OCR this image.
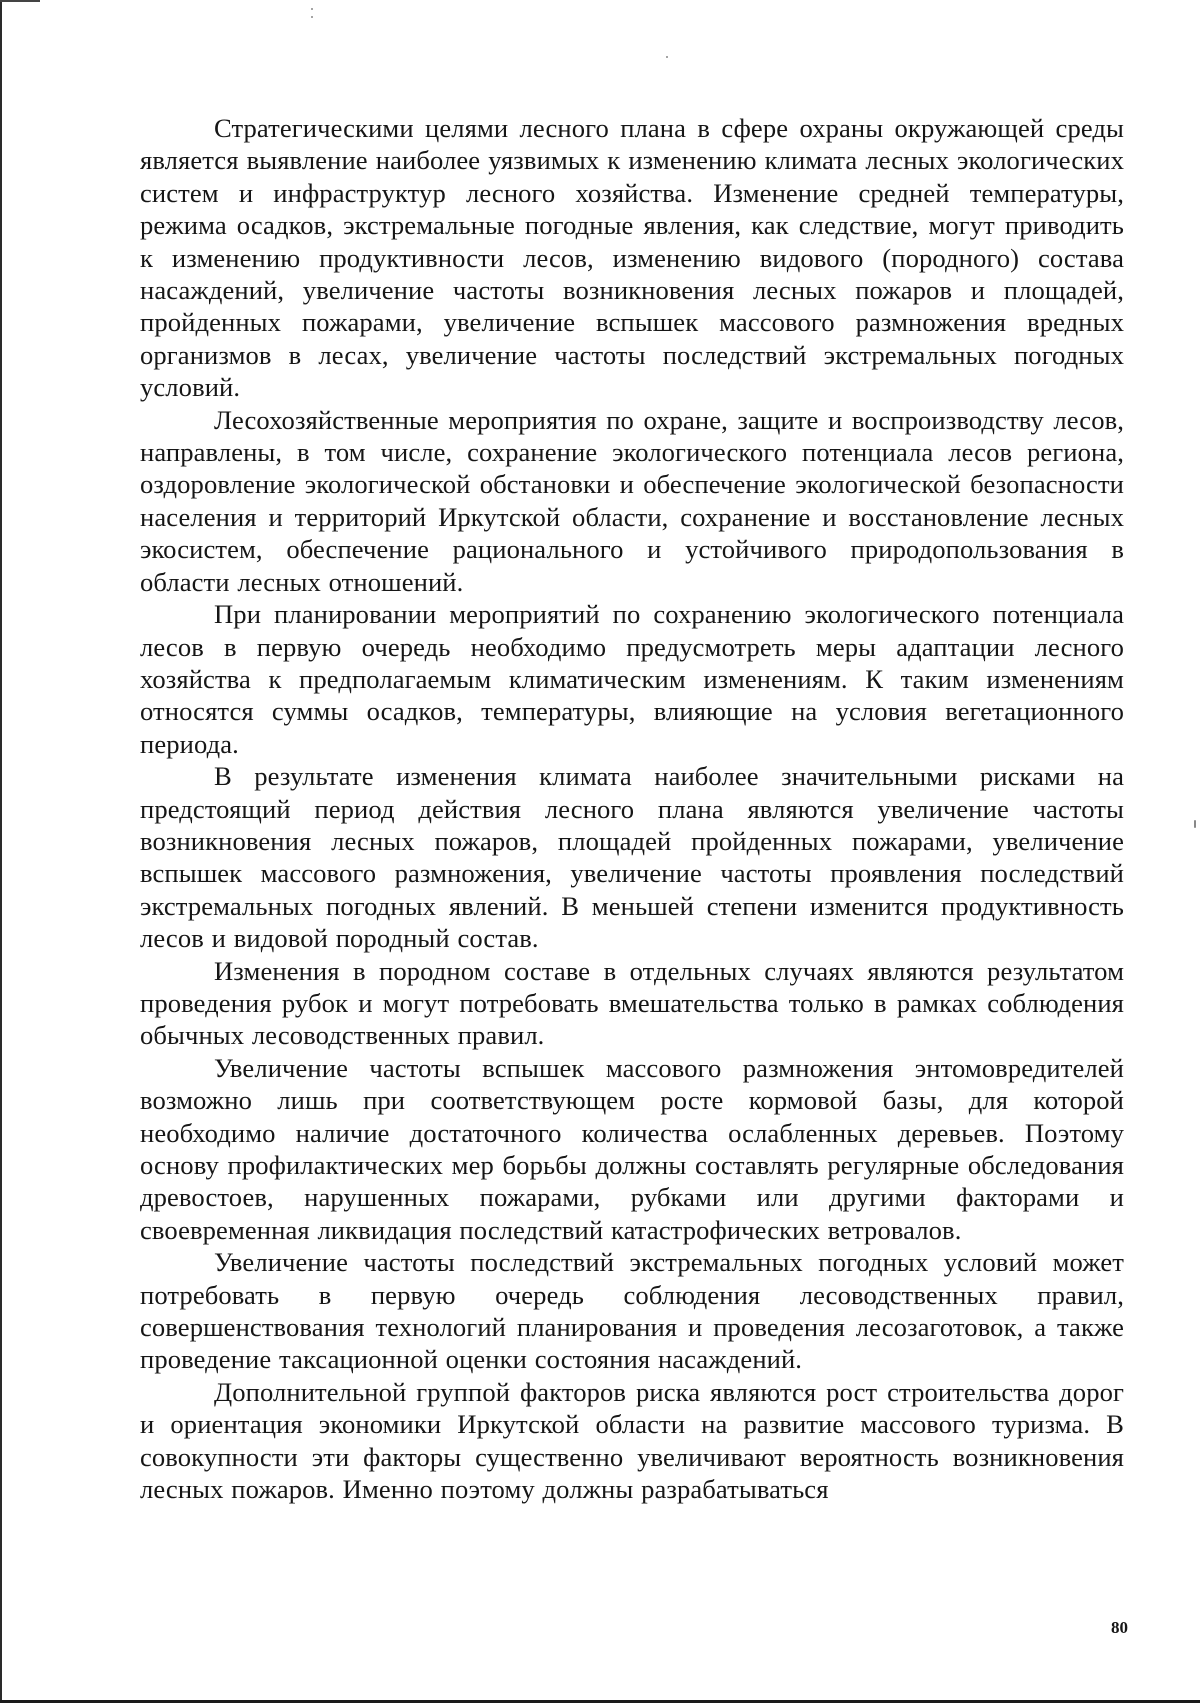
Стратегическими целями лесного плана в сфере охраны окружающей среды является выявление наиболее уязвимых к изменению климата лесных экологических систем и инфраструктур лесного хозяйства. Изменение средней температуры, режима осадков, экстремальные погодные явления, как следствие, могут приводить к изменению продуктивности лесов, изменению видового (породного) состава насаждений, увеличение частоты возникновения лесных пожаров и площадей, пройденных пожарами, увеличение вспышек массового размножения вредных организмов в лесах, увеличение частоты последствий экстремальных погодных условий.

Лесохозяйственные мероприятия по охране, защите и воспроизводству лесов, направлены, в том числе, сохранение экологического потенциала лесов региона, оздоровление экологической обстановки и обеспечение экологической безопасности населения и территорий Иркутской области, сохранение и восстановление лесных экосистем, обеспечение рационального и устойчивого природопользования в области лесных отношений.

При планировании мероприятий по сохранению экологического потенциала лесов в первую очередь необходимо предусмотреть меры адаптации лесного хозяйства к предполагаемым климатическим изменениям. К таким изменениям относятся суммы осадков, температуры, влияющие на условия вегетационного периода.

В результате изменения климата наиболее значительными рисками на предстоящий период действия лесного плана являются увеличение частоты возникновения лесных пожаров, площадей пройденных пожарами, увеличение вспышек массового размножения, увеличение частоты проявления последствий экстремальных погодных явлений. В меньшей степени изменится продуктивность лесов и видовой породный состав.

Изменения в породном составе в отдельных случаях являются результатом проведения рубок и могут потребовать вмешательства только в рамках соблюдения обычных лесоводственных правил.

Увеличение частоты вспышек массового размножения энтомовредителей возможно лишь при соответствующем росте кормовой базы, для которой необходимо наличие достаточного количества ослабленных деревьев. Поэтому основу профилактических мер борьбы должны составлять регулярные обследования древостоев, нарушенных пожарами, рубками или другими факторами и своевременная ликвидация последствий катастрофических ветровалов.

Увеличение частоты последствий экстремальных погодных условий может потребовать в первую очередь соблюдения лесоводственных правил, совершенствования технологий планирования и проведения лесозаготовок, а также проведение таксационной оценки состояния насаждений.

Дополнительной группой факторов риска являются рост строительства дорог и ориентация экономики Иркутской области на развитие массового туризма. В совокупности эти факторы существенно увеличивают вероятность возникновения лесных пожаров. Именно поэтому должны разрабатываться

80
